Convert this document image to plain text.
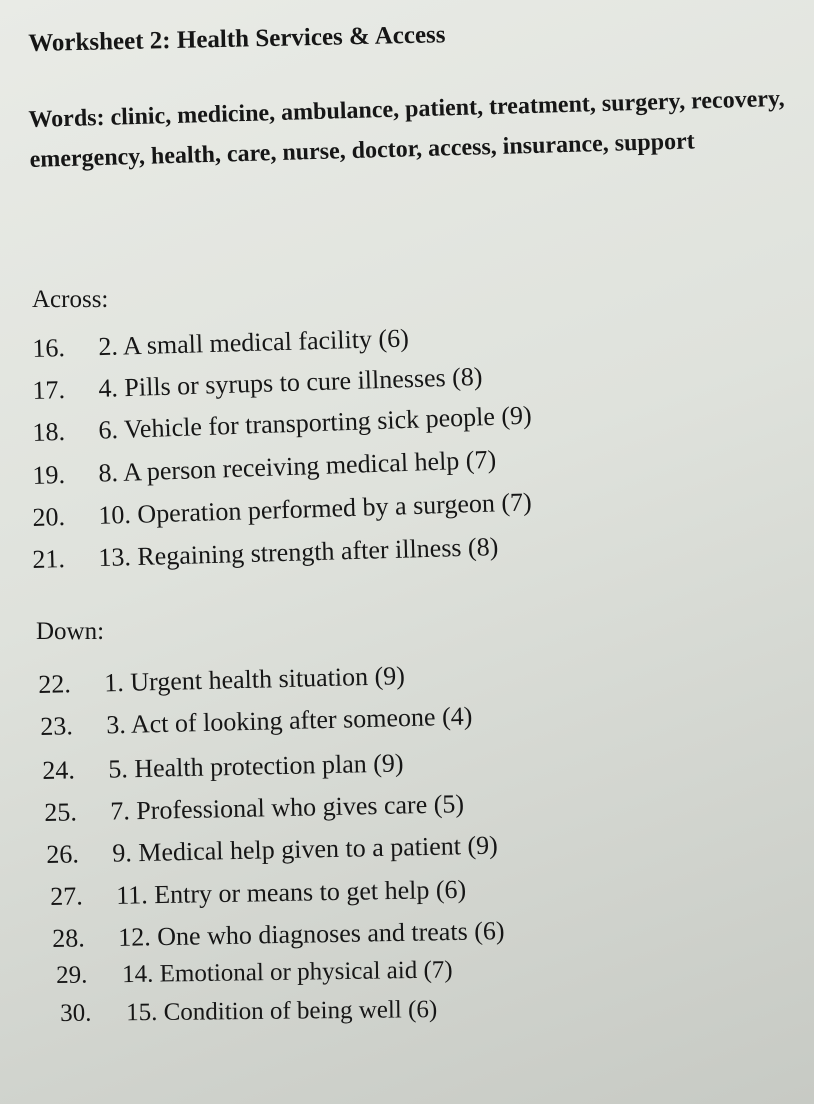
Worksheet 2: Health Services & Access
Words: clinic, medicine, ambulance, patient, treatment, surgery, recovery, emergency, health, care, nurse, doctor, access, insurance, support
Across:
16. 2. A small medical facility (6)
17. 4. Pills or syrups to cure illnesses (8)
18. 6. Vehicle for transporting sick people (9)
19. 8. A person receiving medical help (7)
20. 10. Operation performed by a surgeon (7)
21. 13. Regaining strength after illness (8)
Down:
22. 1. Urgent health situation (9)
23. 3. Act of looking after someone (4)
24. 5. Health protection plan (9)
25. 7. Professional who gives care (5)
26. 9. Medical help given to a patient (9)
27. 11. Entry or means to get help (6)
28. 12. One who diagnoses and treats (6)
29. 14. Emotional or physical aid (7)
30. 15. Condition of being well (6)
